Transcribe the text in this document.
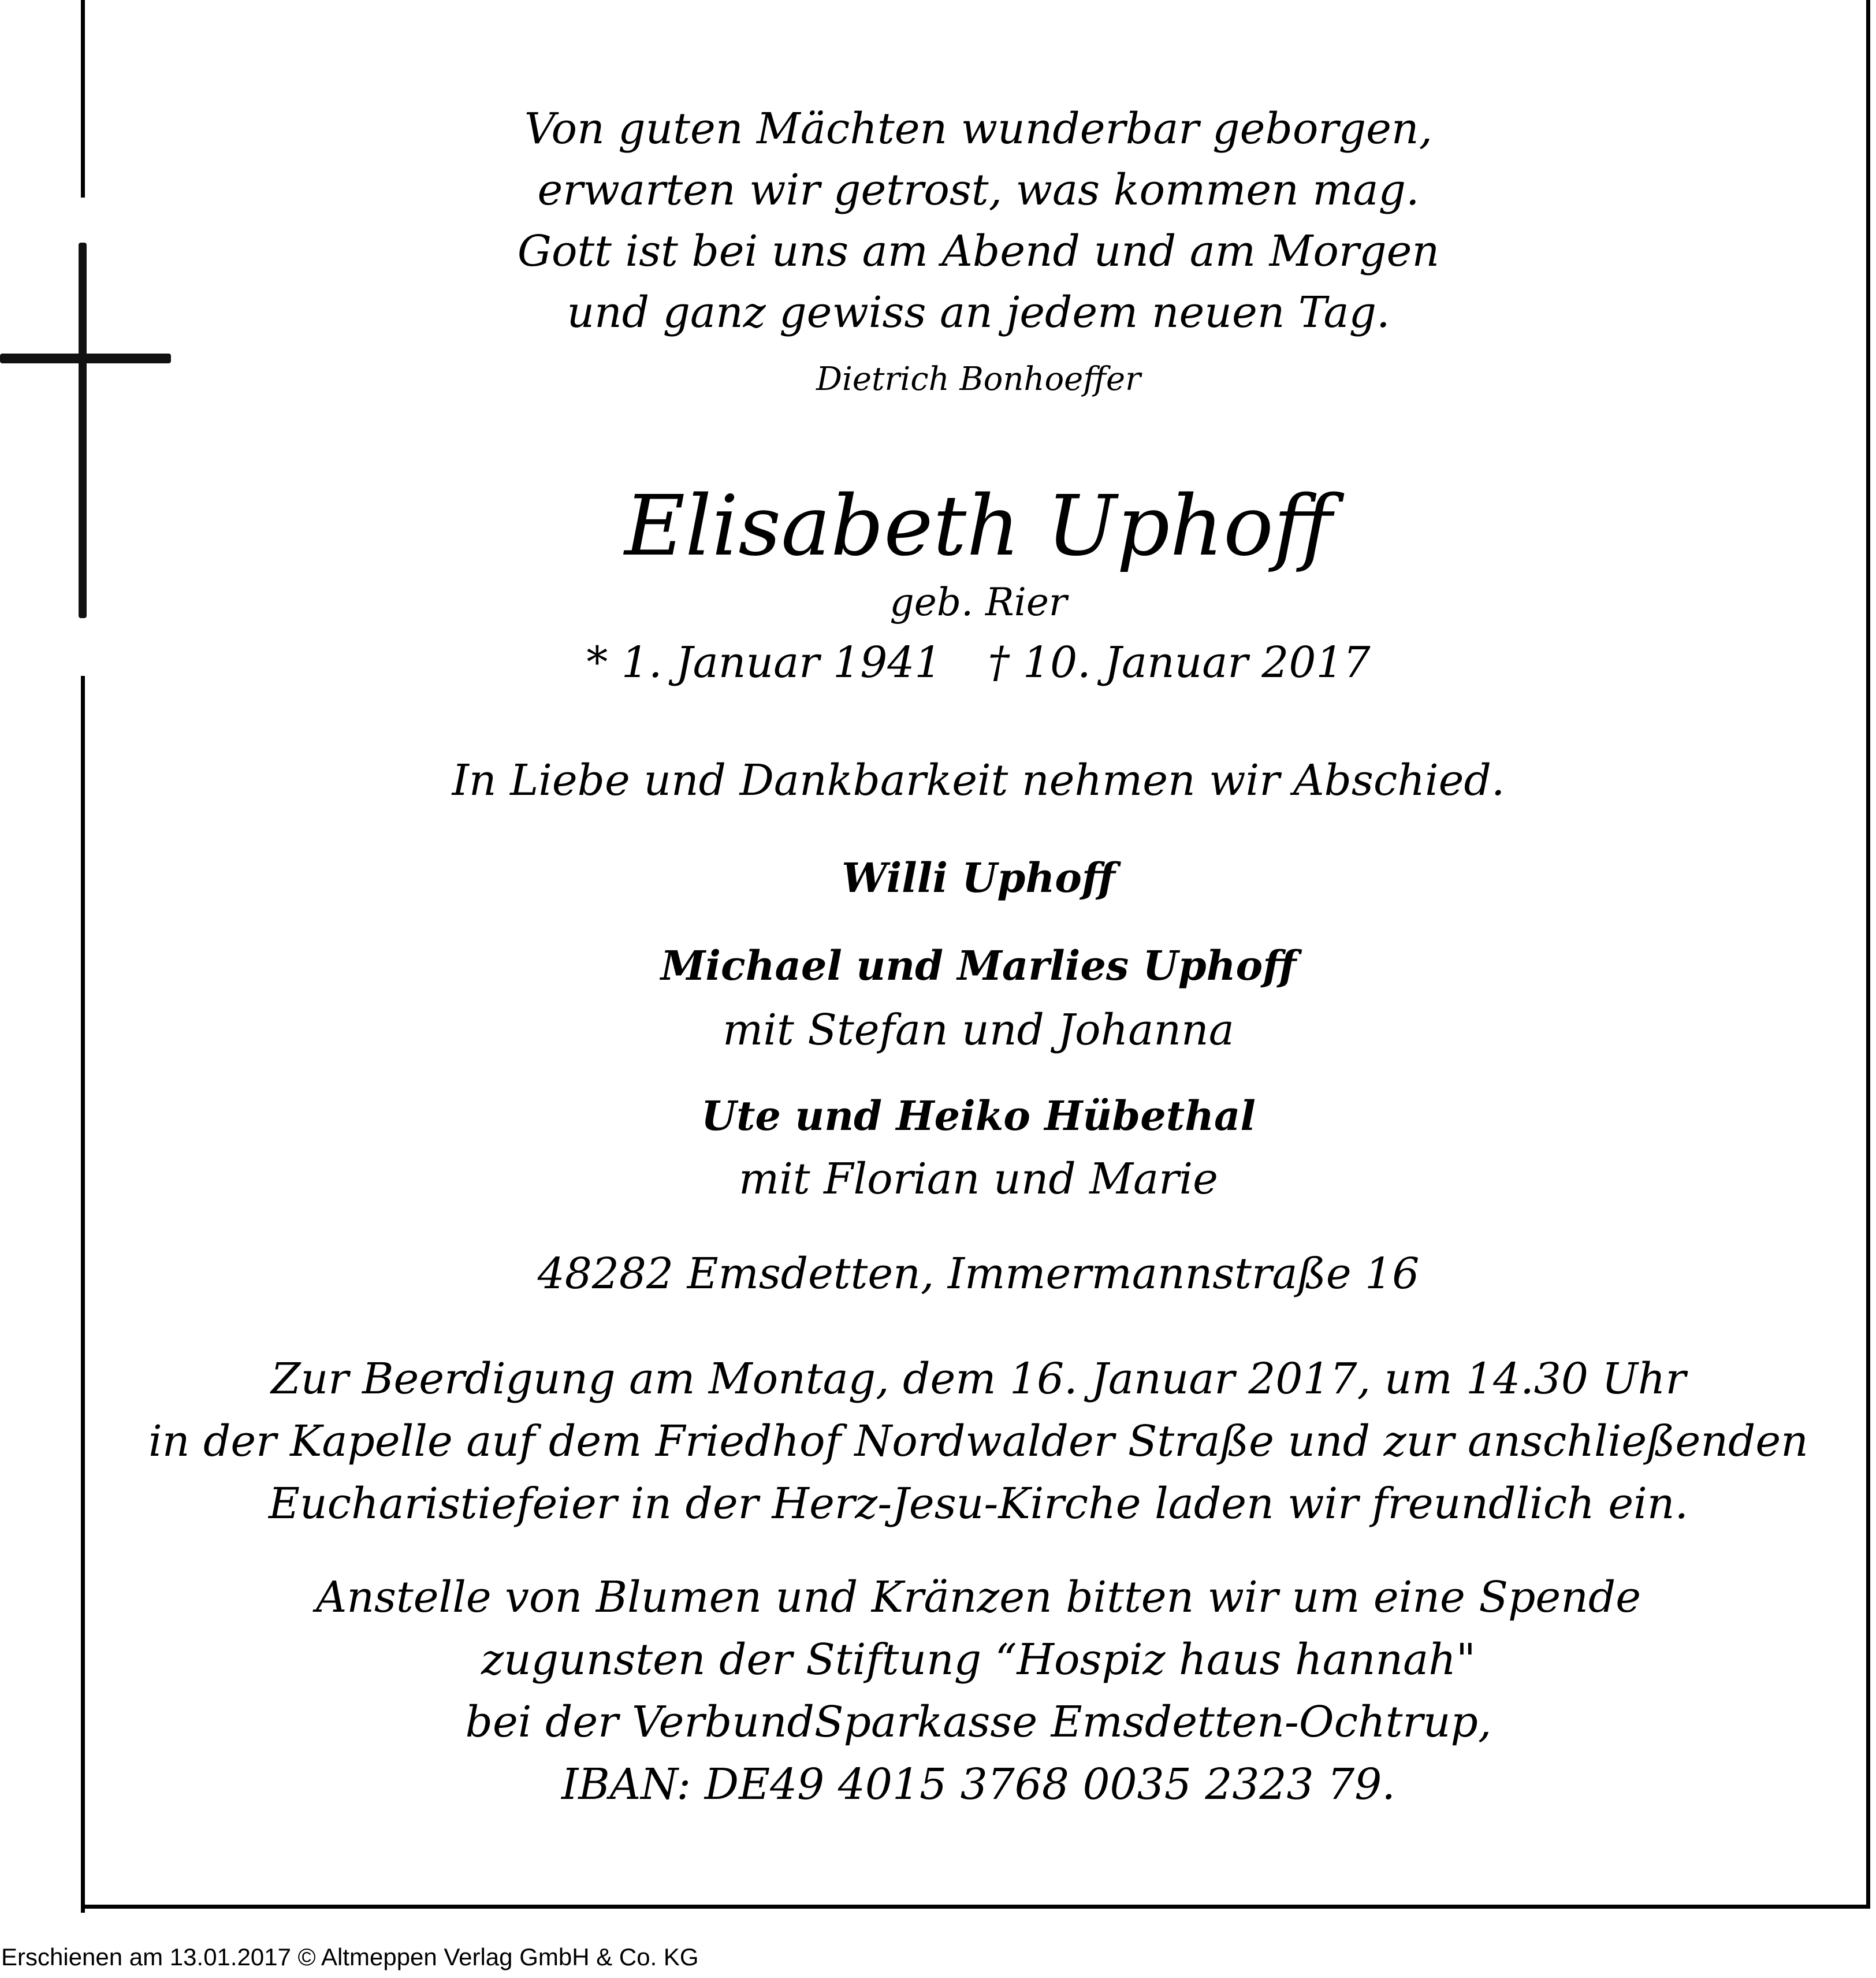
Von guten Mächten wunderbar geborgen,
erwarten wir getrost, was kommen mag.
Gott ist bei uns am Abend und am Morgen
und ganz gewiss an jedem neuen Tag.
Dietrich Bonhoeffer
Elisabeth Uphoff
geb. Rier
* 1. Januar 1941 † 10. Januar 2017
In Liebe und Dankbarkeit nehmen wir Abschied.
Willi Uphoff
Michael und Marlies Uphoff
mit Stefan und Johanna
Ute und Heiko Hübethal
mit Florian und Marie
48282 Emsdetten, Immermannstraße 16
Zur Beerdigung am Montag, dem 16. Januar 2017, um 14.30 Uhr
in der Kapelle auf dem Friedhof Nordwalder Straße und zur anschließenden
Eucharistiefeier in der Herz-Jesu-Kirche laden wir freundlich ein.
Anstelle von Blumen und Kränzen bitten wir um eine Spende
zugunsten der Stiftung “Hospiz haus hannah"
bei der VerbundSparkasse Emsdetten-Ochtrup,
IBAN: DE49 4015 3768 0035 2323 79.
Erschienen am 13.01.2017 © Altmeppen Verlag GmbH & Co. KG
